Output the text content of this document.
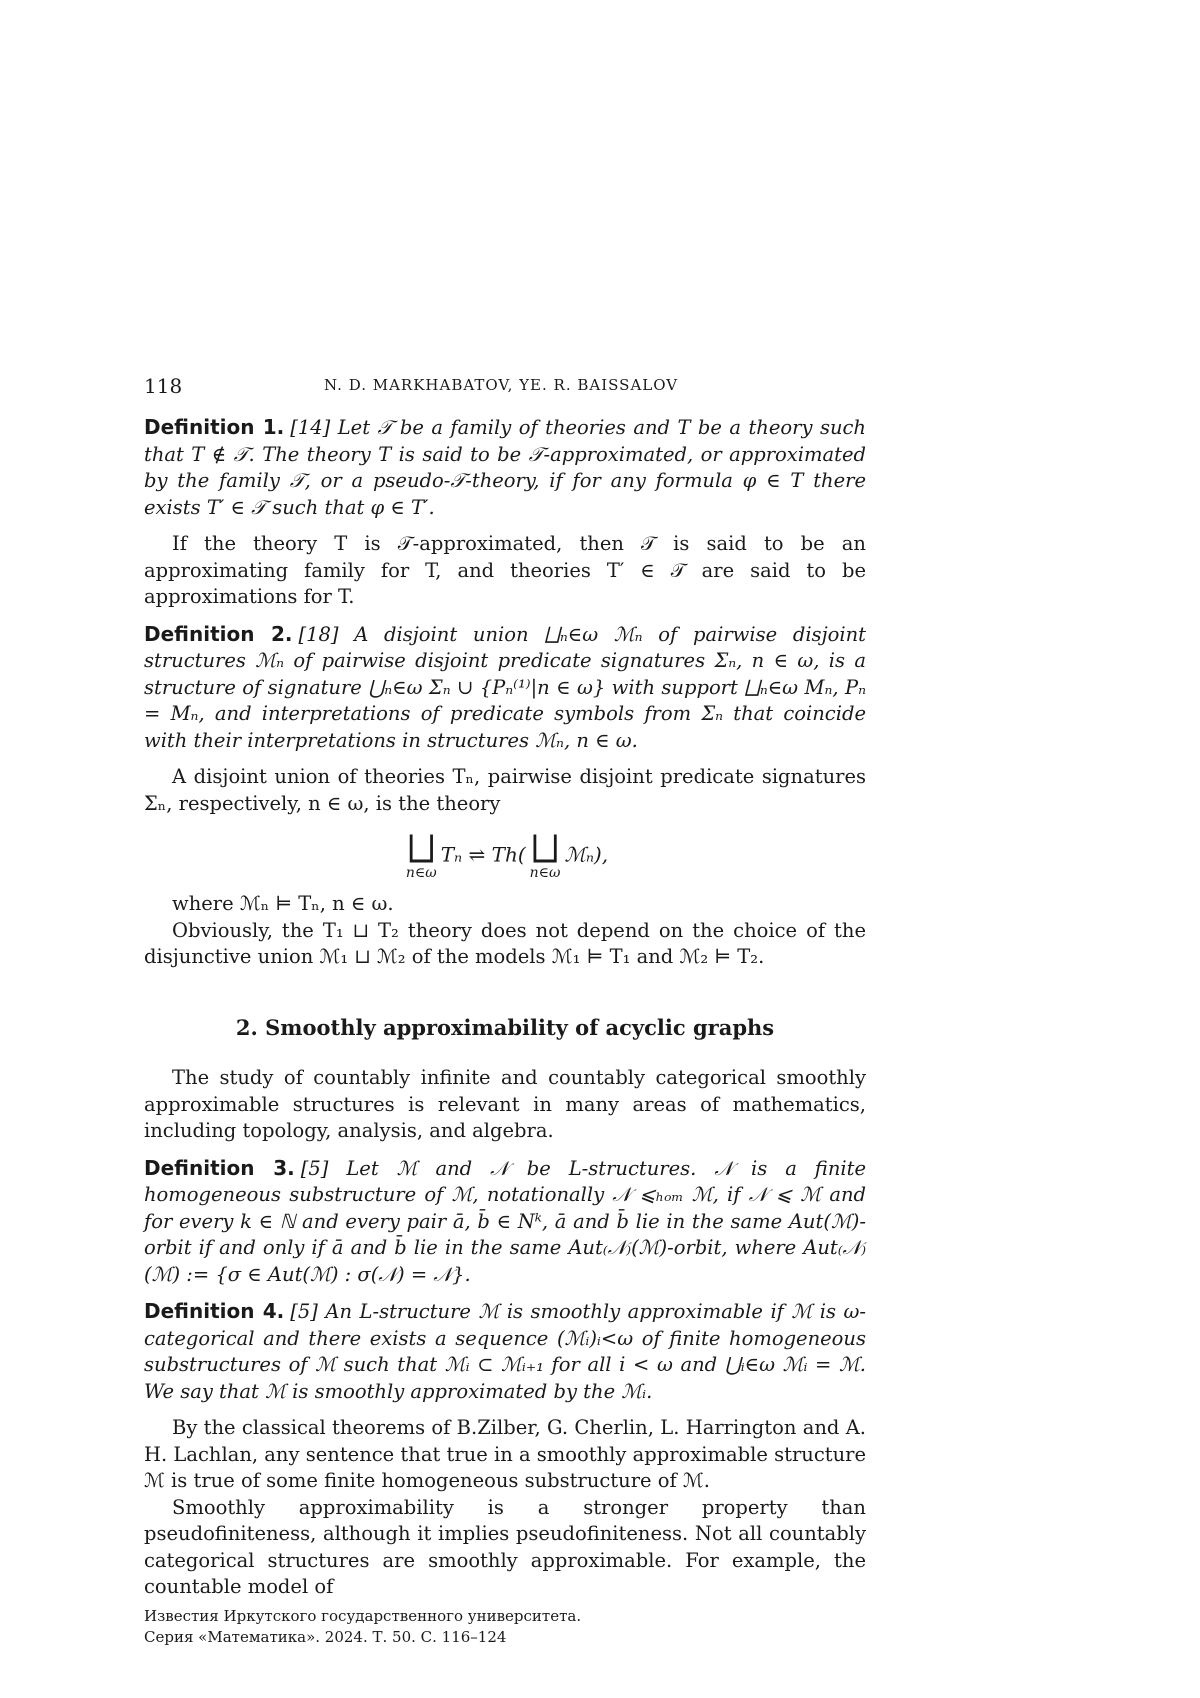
118	N. D. MARKHABATOV, YE. R. BAISSALOV

Definition 1. [14] Let 𝒯 be a family of theories and T be a theory such that T ∉ 𝒯. The theory T is said to be 𝒯-approximated, or approximated by the family 𝒯, or a pseudo-𝒯-theory, if for any formula φ ∈ T there exists T′ ∈ 𝒯 such that φ ∈ T′.

If the theory T is 𝒯-approximated, then 𝒯 is said to be an approximating family for T, and theories T′ ∈ 𝒯 are said to be approximations for T.

Definition 2. [18] A disjoint union ⨆ₙ∈ω ℳₙ of pairwise disjoint structures ℳₙ of pairwise disjoint predicate signatures Σₙ, n ∈ ω, is a structure of signature ⋃ₙ∈ω Σₙ ∪ {Pₙ⁽¹⁾|n ∈ ω} with support ⨆ₙ∈ω Mₙ, Pₙ = Mₙ, and interpretations of predicate symbols from Σₙ that coincide with their interpretations in structures ℳₙ, n ∈ ω.

A disjoint union of theories Tₙ, pairwise disjoint predicate signatures Σₙ, respectively, n ∈ ω, is the theory

⨆
n∈ω
Tₙ ⇌ Th( ⨆
n∈ω
ℳₙ),

where ℳₙ ⊨ Tₙ, n ∈ ω.

Obviously, the T₁ ⊔ T₂ theory does not depend on the choice of the disjunctive union ℳ₁ ⊔ ℳ₂ of the models ℳ₁ ⊨ T₁ and ℳ₂ ⊨ T₂.

2. Smoothly approximability of acyclic graphs

The study of countably infinite and countably categorical smoothly approximable structures is relevant in many areas of mathematics, including topology, analysis, and algebra.

Definition 3. [5] Let ℳ and 𝒩 be L-structures. 𝒩 is a finite homogeneous substructure of ℳ, notationally 𝒩 ⩽ₕₒₘ ℳ, if 𝒩 ⩽ ℳ and for every k ∈ ℕ and every pair ā, b̄ ∈ Nᵏ, ā and b̄ lie in the same Aut(ℳ)-orbit if and only if ā and b̄ lie in the same Aut₍𝒩₎(ℳ)-orbit, where Aut₍𝒩₎(ℳ) := {σ ∈ Aut(ℳ) : σ(𝒩) = 𝒩}.

Definition 4. [5] An L-structure ℳ is smoothly approximable if ℳ is ω-categorical and there exists a sequence (ℳᵢ)ᵢ<ω of finite homogeneous substructures of ℳ such that ℳᵢ ⊂ ℳᵢ₊₁ for all i < ω and ⋃ᵢ∈ω ℳᵢ = ℳ. We say that ℳ is smoothly approximated by the ℳᵢ.

By the classical theorems of B.Zilber, G. Cherlin, L. Harrington and A. H. Lachlan, any sentence that true in a smoothly approximable structure ℳ is true of some finite homogeneous substructure of ℳ.

Smoothly approximability is a stronger property than pseudofiniteness, although it implies pseudofiniteness. Not all countably categorical structures are smoothly approximable. For example, the countable model of

Известия Иркутского государственного университета.
Серия «Математика». 2024. Т. 50. С. 116–124
